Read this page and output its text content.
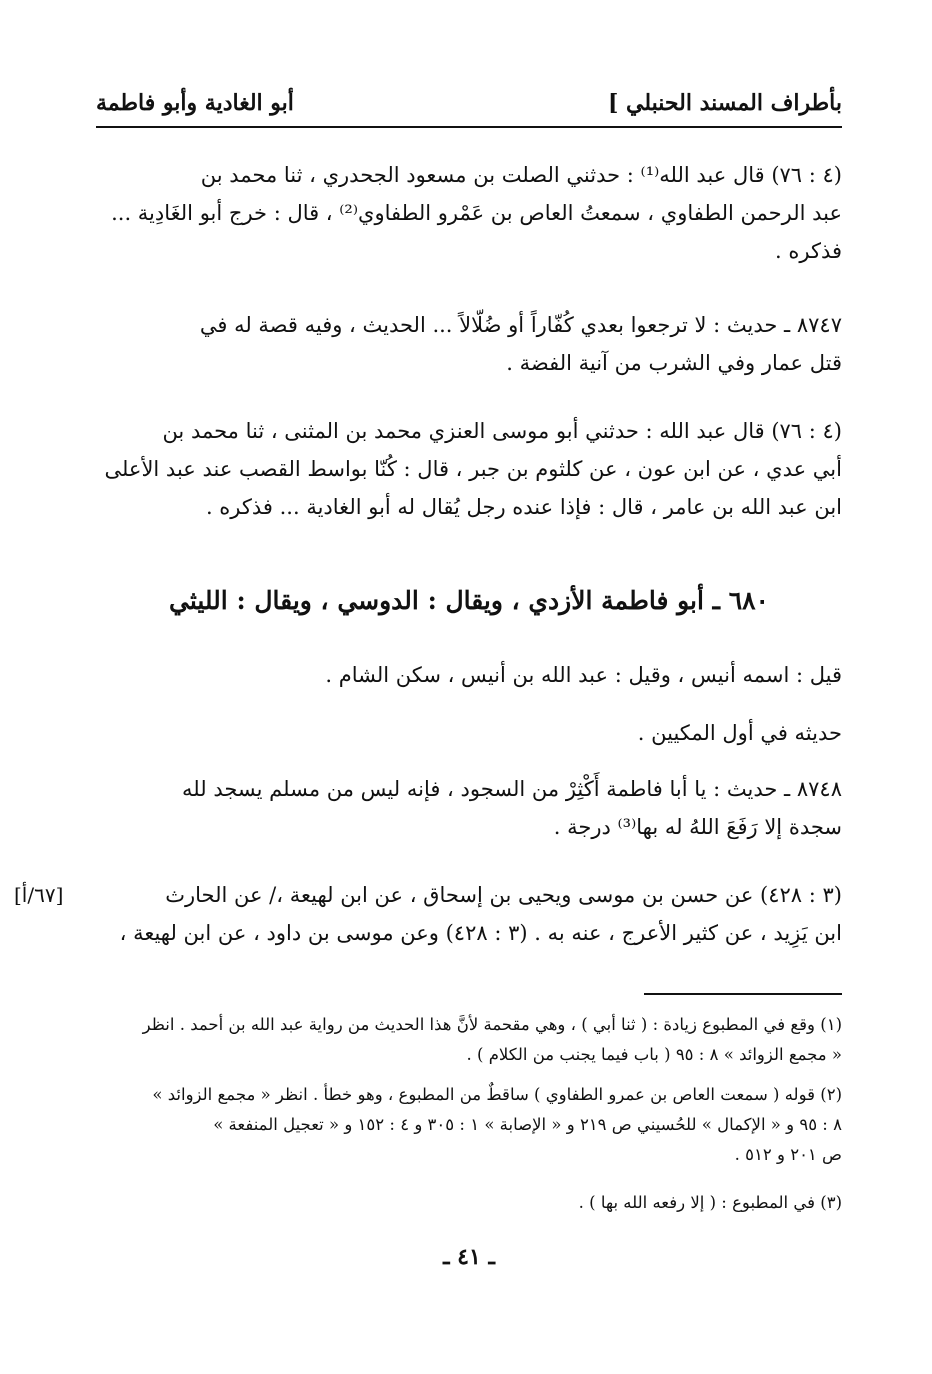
بأطراف المسند الحنبلي ]
أبو الغادية وأبو فاطمة
(٤ : ٧٦) قال عبد الله⁽¹⁾ : حدثني الصلت بن مسعود الجحدري ، ثنا محمد بن
عبد الرحمن الطفاوي ، سمعتُ العاص بن عَمْرو الطفاوي⁽²⁾ ، قال : خرج أبو الغَادِية ...
فذكره .
٨٧٤٧ ـ حديث : لا ترجعوا بعدي كُفّاراً أو ضُلّالاً ... الحديث ، وفيه قصة له في
قتل عمار وفي الشرب من آنية الفضة .
(٤ : ٧٦) قال عبد الله : حدثني أبو موسى العنزي محمد بن المثنى ، ثنا محمد بن
أبي عدي ، عن ابن عون ، عن كلثوم بن جبر ، قال : كُنّا بواسط القصب عند عبد الأعلى
ابن عبد الله بن عامر ، قال : فإذا عنده رجل يُقال له أبو الغادية ... فذكره .
٦٨٠ ـ أبو فاطمة الأزدي ، ويقال : الدوسي ، ويقال : الليثي
قيل : اسمه أنيس ، وقيل : عبد الله بن أنيس ، سكن الشام .
حديثه في أول المكيين .
٨٧٤٨ ـ حديث : يا أبا فاطمة أَكْثِرْ من السجود ، فإنه ليس من مسلم يسجد لله
سجدة إلا رَفَعَ اللهُ له بها⁽³⁾ درجة .
(٣ : ٤٢٨) عن حسن بن موسى ويحيى بن إسحاق ، عن ابن لهيعة ،/ عن الحارث
ابن يَزِيد ، عن كثير الأعرج ، عنه به . (٣ : ٤٢٨) وعن موسى بن داود ، عن ابن لهيعة ،
[٦٧/أ]
(١) وقع في المطبوع زيادة : ( ثنا أبي ) ، وهي مقحمة لأنَّ هذا الحديث من رواية عبد الله بن أحمد . انظر
« مجمع الزوائد » ٨ : ٩٥ ( باب فيما يجنب من الكلام ) .
(٢) قوله ( سمعت العاص بن عمرو الطفاوي ) ساقطٌ من المطبوع ، وهو خطأ . انظر « مجمع الزوائد »
٨ : ٩٥ و « الإكمال » للحُسيني ص ٢١٩ و « الإصابة » ١ : ٣٠٥ و ٤ : ١٥٢ و « تعجيل المنفعة »
ص ٢٠١ و ٥١٢ .
(٣) في المطبوع : ( إلا رفعه الله بها ) .
ـ ٤١ ـ
